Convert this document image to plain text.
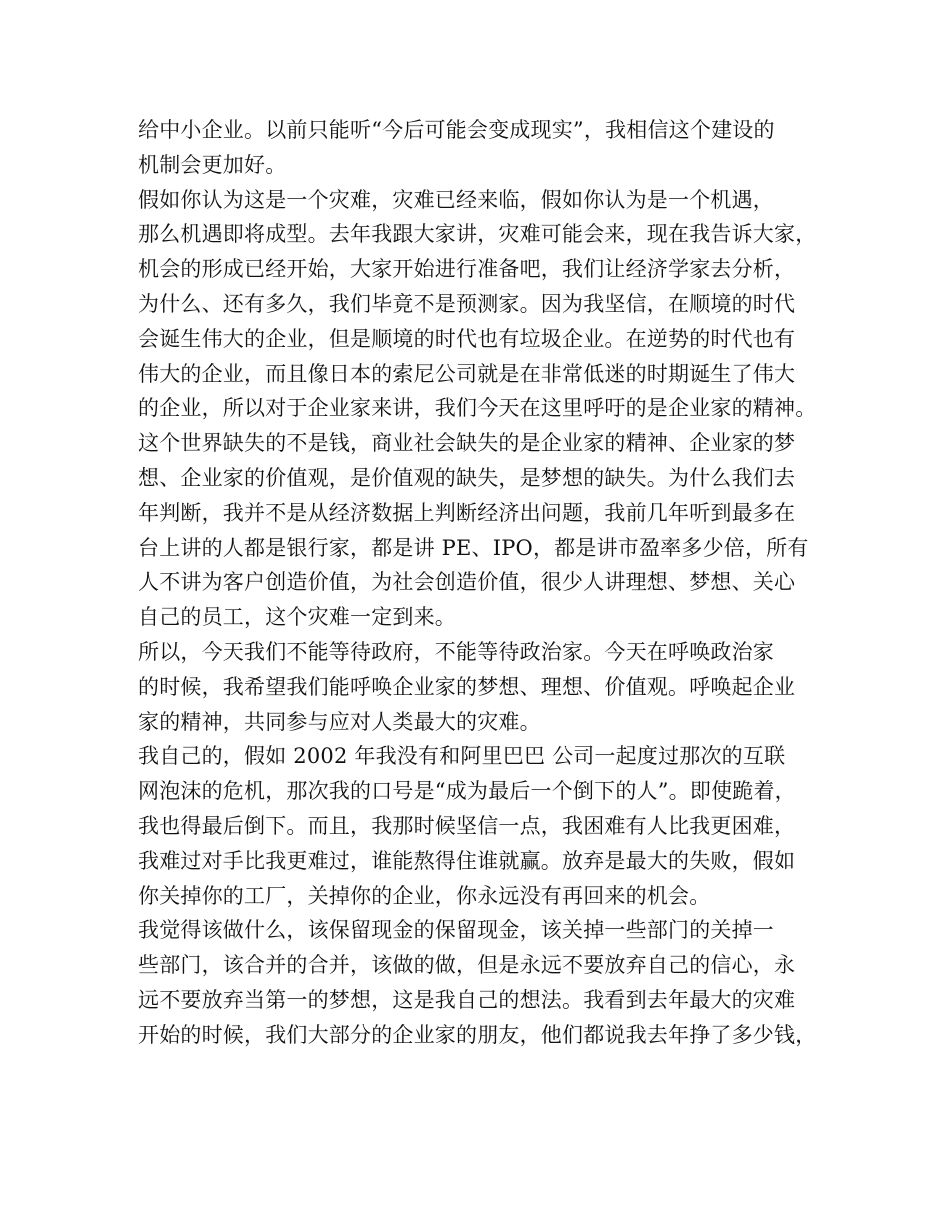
给中小企业。以前只能听“今后可能会变成现实”，我相信这个建设的
机制会更加好。
假如你认为这是一个灾难，灾难已经来临，假如你认为是一个机遇，
那么机遇即将成型。去年我跟大家讲，灾难可能会来，现在我告诉大家，
机会的形成已经开始，大家开始进行准备吧，我们让经济学家去分析，
为什么、还有多久，我们毕竟不是预测家。因为我坚信，在顺境的时代
会诞生伟大的企业，但是顺境的时代也有垃圾企业。在逆势的时代也有
伟大的企业，而且像日本的索尼公司就是在非常低迷的时期诞生了伟大
的企业，所以对于企业家来讲，我们今天在这里呼吁的是企业家的精神。
这个世界缺失的不是钱，商业社会缺失的是企业家的精神、企业家的梦
想、企业家的价值观，是价值观的缺失，是梦想的缺失。为什么我们去
年判断，我并不是从经济数据上判断经济出问题，我前几年听到最多在
台上讲的人都是银行家，都是讲 PE、IPO，都是讲市盈率多少倍，所有
人不讲为客户创造价值，为社会创造价值，很少人讲理想、梦想、关心
自己的员工，这个灾难一定到来。
所以，今天我们不能等待政府，不能等待政治家。今天在呼唤政治家
的时候，我希望我们能呼唤企业家的梦想、理想、价值观。呼唤起企业
家的精神，共同参与应对人类最大的灾难。
我自己的，假如 2002 年我没有和阿里巴巴 公司一起度过那次的互联
网泡沫的危机，那次我的口号是“成为最后一个倒下的人”。即使跪着，
我也得最后倒下。而且，我那时候坚信一点，我困难有人比我更困难，
我难过对手比我更难过，谁能熬得住谁就赢。放弃是最大的失败，假如
你关掉你的工厂，关掉你的企业，你永远没有再回来的机会。
我觉得该做什么，该保留现金的保留现金，该关掉一些部门的关掉一
些部门，该合并的合并，该做的做，但是永远不要放弃自己的信心，永
远不要放弃当第一的梦想，这是我自己的想法。我看到去年最大的灾难
开始的时候，我们大部分的企业家的朋友，他们都说我去年挣了多少钱，
